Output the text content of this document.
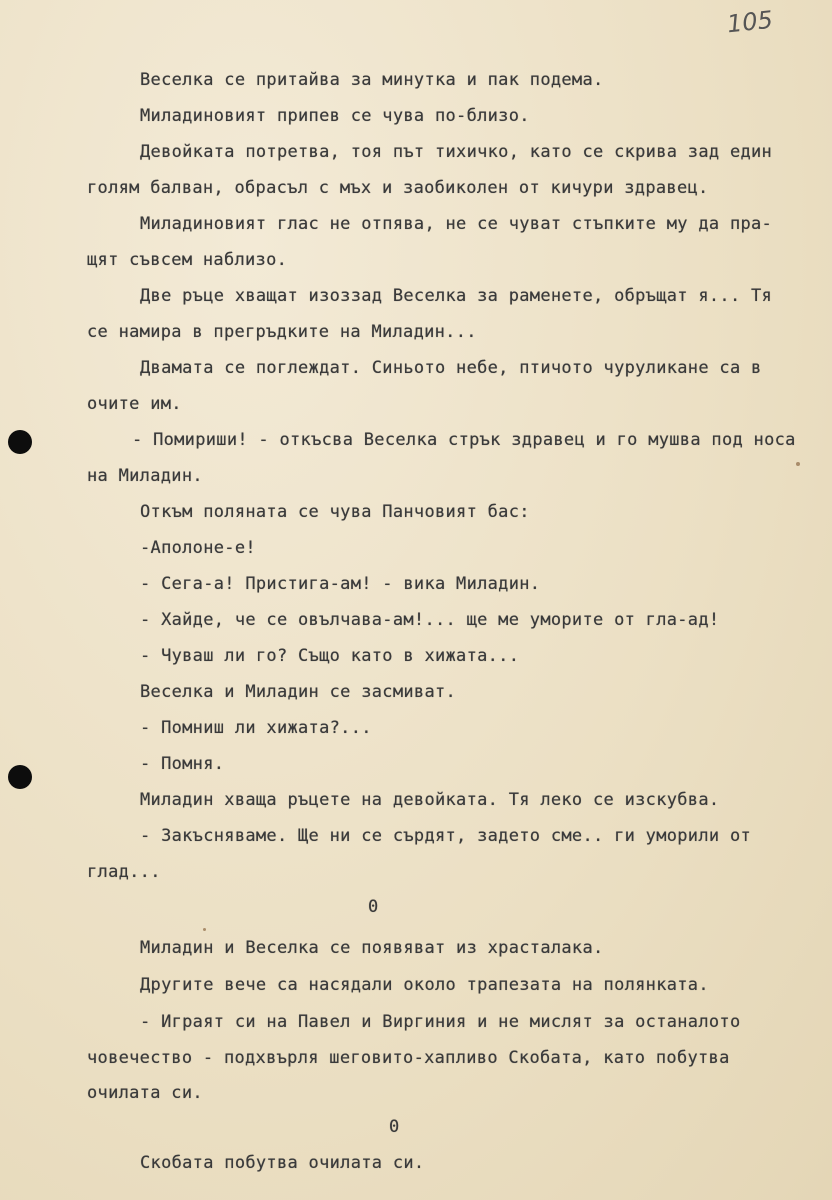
105
Веселка се притайва за минутка и пак подема.
Миладиновият припев се чува по-близо.
Девойката потретва, тоя път тихичко, като се скрива зад един
голям балван, обрасъл с мъх и заобиколен от кичури здравец.
Миладиновият глас не отпява, не се чуват стъпките му да пра-
щят съвсем наблизо.
Две ръце хващат изоззад Веселка за раменете, обръщат я... Тя
се намира в прегръдките на Миладин...
Двамата се поглеждат. Синьото небе, птичото чуруликане са в
очите им.
- Помириши! - откъсва Веселка стрък здравец и го мушва под носа
на Миладин.
Откъм поляната се чува Панчовият бас:
-Аполоне-е!
- Сега-а! Пристига-ам! - вика Миладин.
- Хайде, че се овълчава-ам!... ще ме уморите от гла-ад!
- Чуваш ли го? Също като в хижата...
Веселка и Миладин се засмиват.
- Помниш ли хижата?...
- Помня.
Миладин хваща ръцете на девойката. Тя леко се изскубва.
- Закъсняваме. Ще ни се сърдят, задето сме.. ги уморили от
глад...
0
Миладин и Веселка се появяват из храсталака.
Другите вече са насядали около трапезата на полянката.
- Играят си на Павел и Виргиния и не мислят за останалото
човечество - подхвърля шеговито-хапливо Скобата, като побутва
очилата си.
0
Скобата побутва очилата си.
